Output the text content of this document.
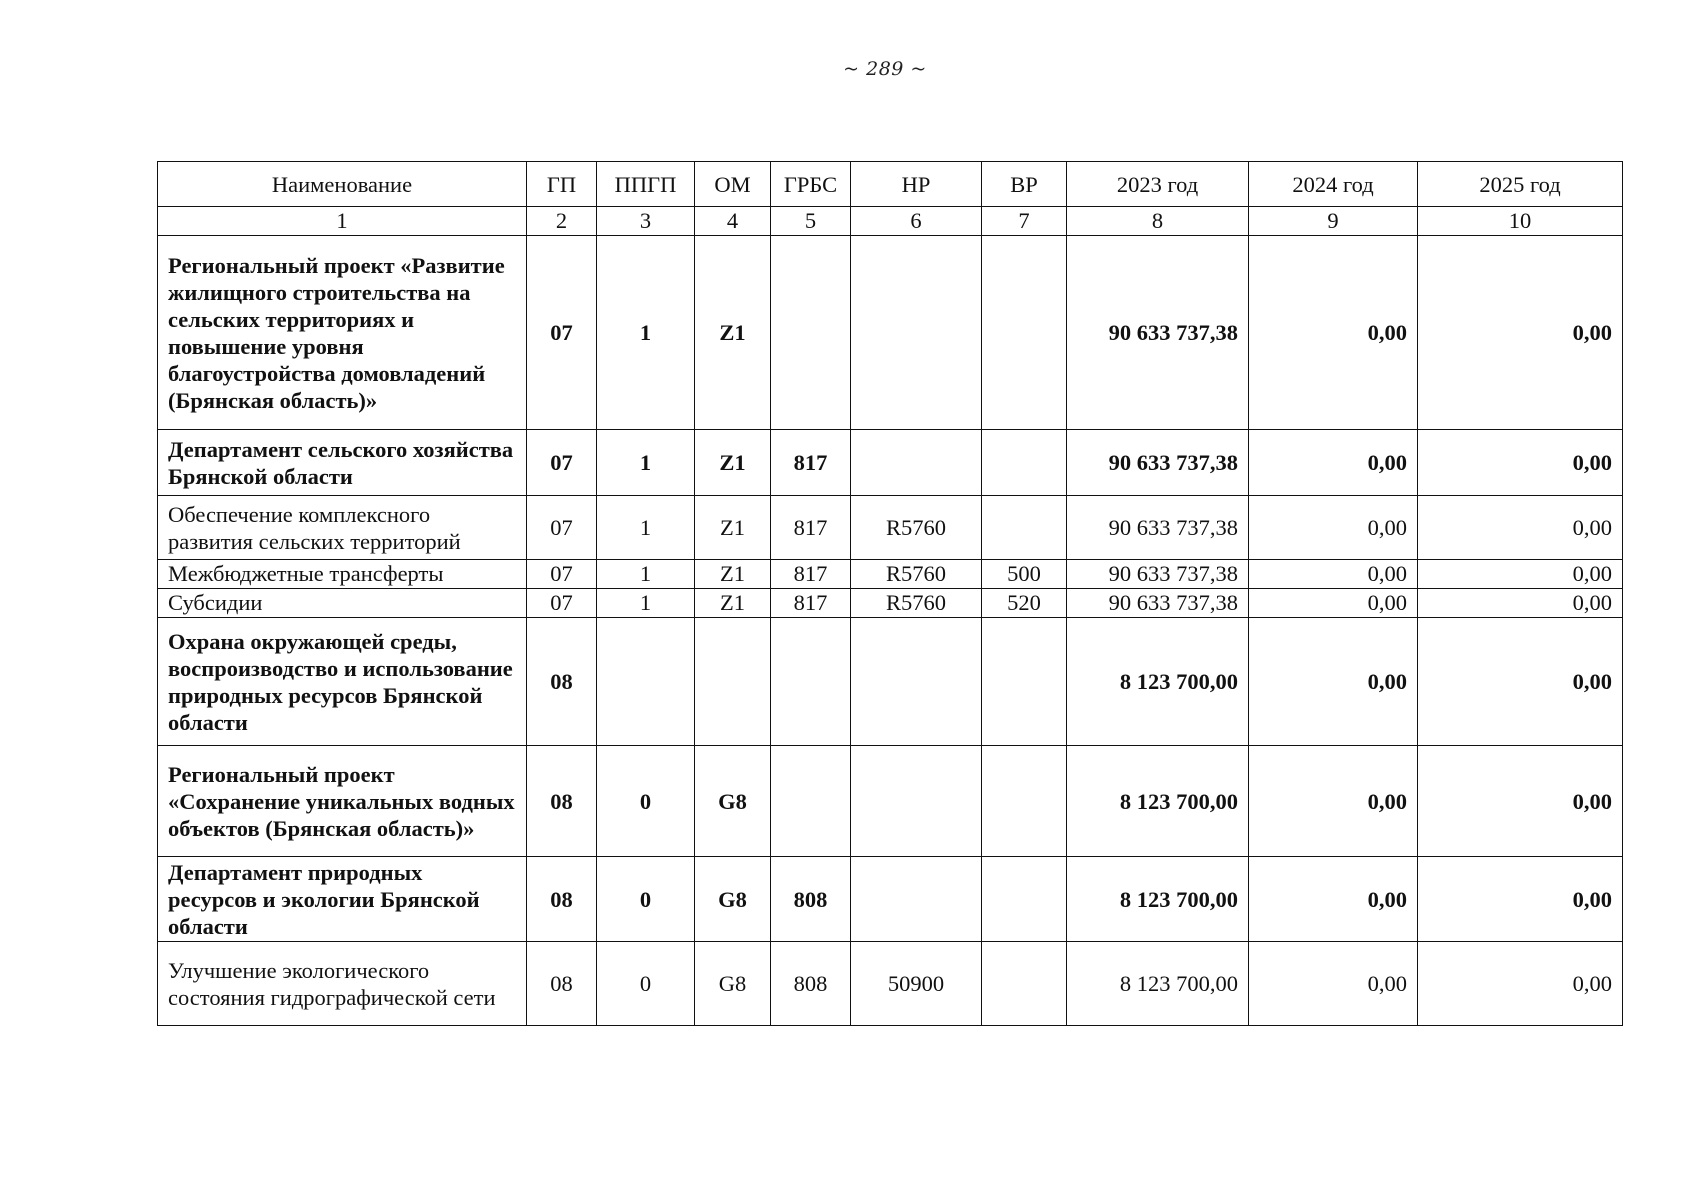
~ 289 ~
Наименование	ГП	ППГП	ОМ	ГРБС	НР	ВР	2023 год	2024 год	2025 год
1	2	3	4	5	6	7	8	9	10
Региональный проект «Развитие жилищного строительства на сельских территориях и повышение уровня благоустройства домовладений (Брянская область)»	07	1	Z1				90 633 737,38	0,00	0,00
Департамент сельского хозяйства Брянской области	07	1	Z1	817			90 633 737,38	0,00	0,00
Обеспечение комплексного развития сельских территорий	07	1	Z1	817	R5760		90 633 737,38	0,00	0,00
Межбюджетные трансферты	07	1	Z1	817	R5760	500	90 633 737,38	0,00	0,00
Субсидии	07	1	Z1	817	R5760	520	90 633 737,38	0,00	0,00
Охрана окружающей среды, воспроизводство и использование природных ресурсов Брянской области	08						8 123 700,00	0,00	0,00
Региональный проект «Сохранение уникальных водных объектов (Брянская область)»	08	0	G8				8 123 700,00	0,00	0,00
Департамент природных ресурсов и экологии Брянской области	08	0	G8	808			8 123 700,00	0,00	0,00
Улучшение экологического состояния гидрографической сети	08	0	G8	808	50900		8 123 700,00	0,00	0,00
